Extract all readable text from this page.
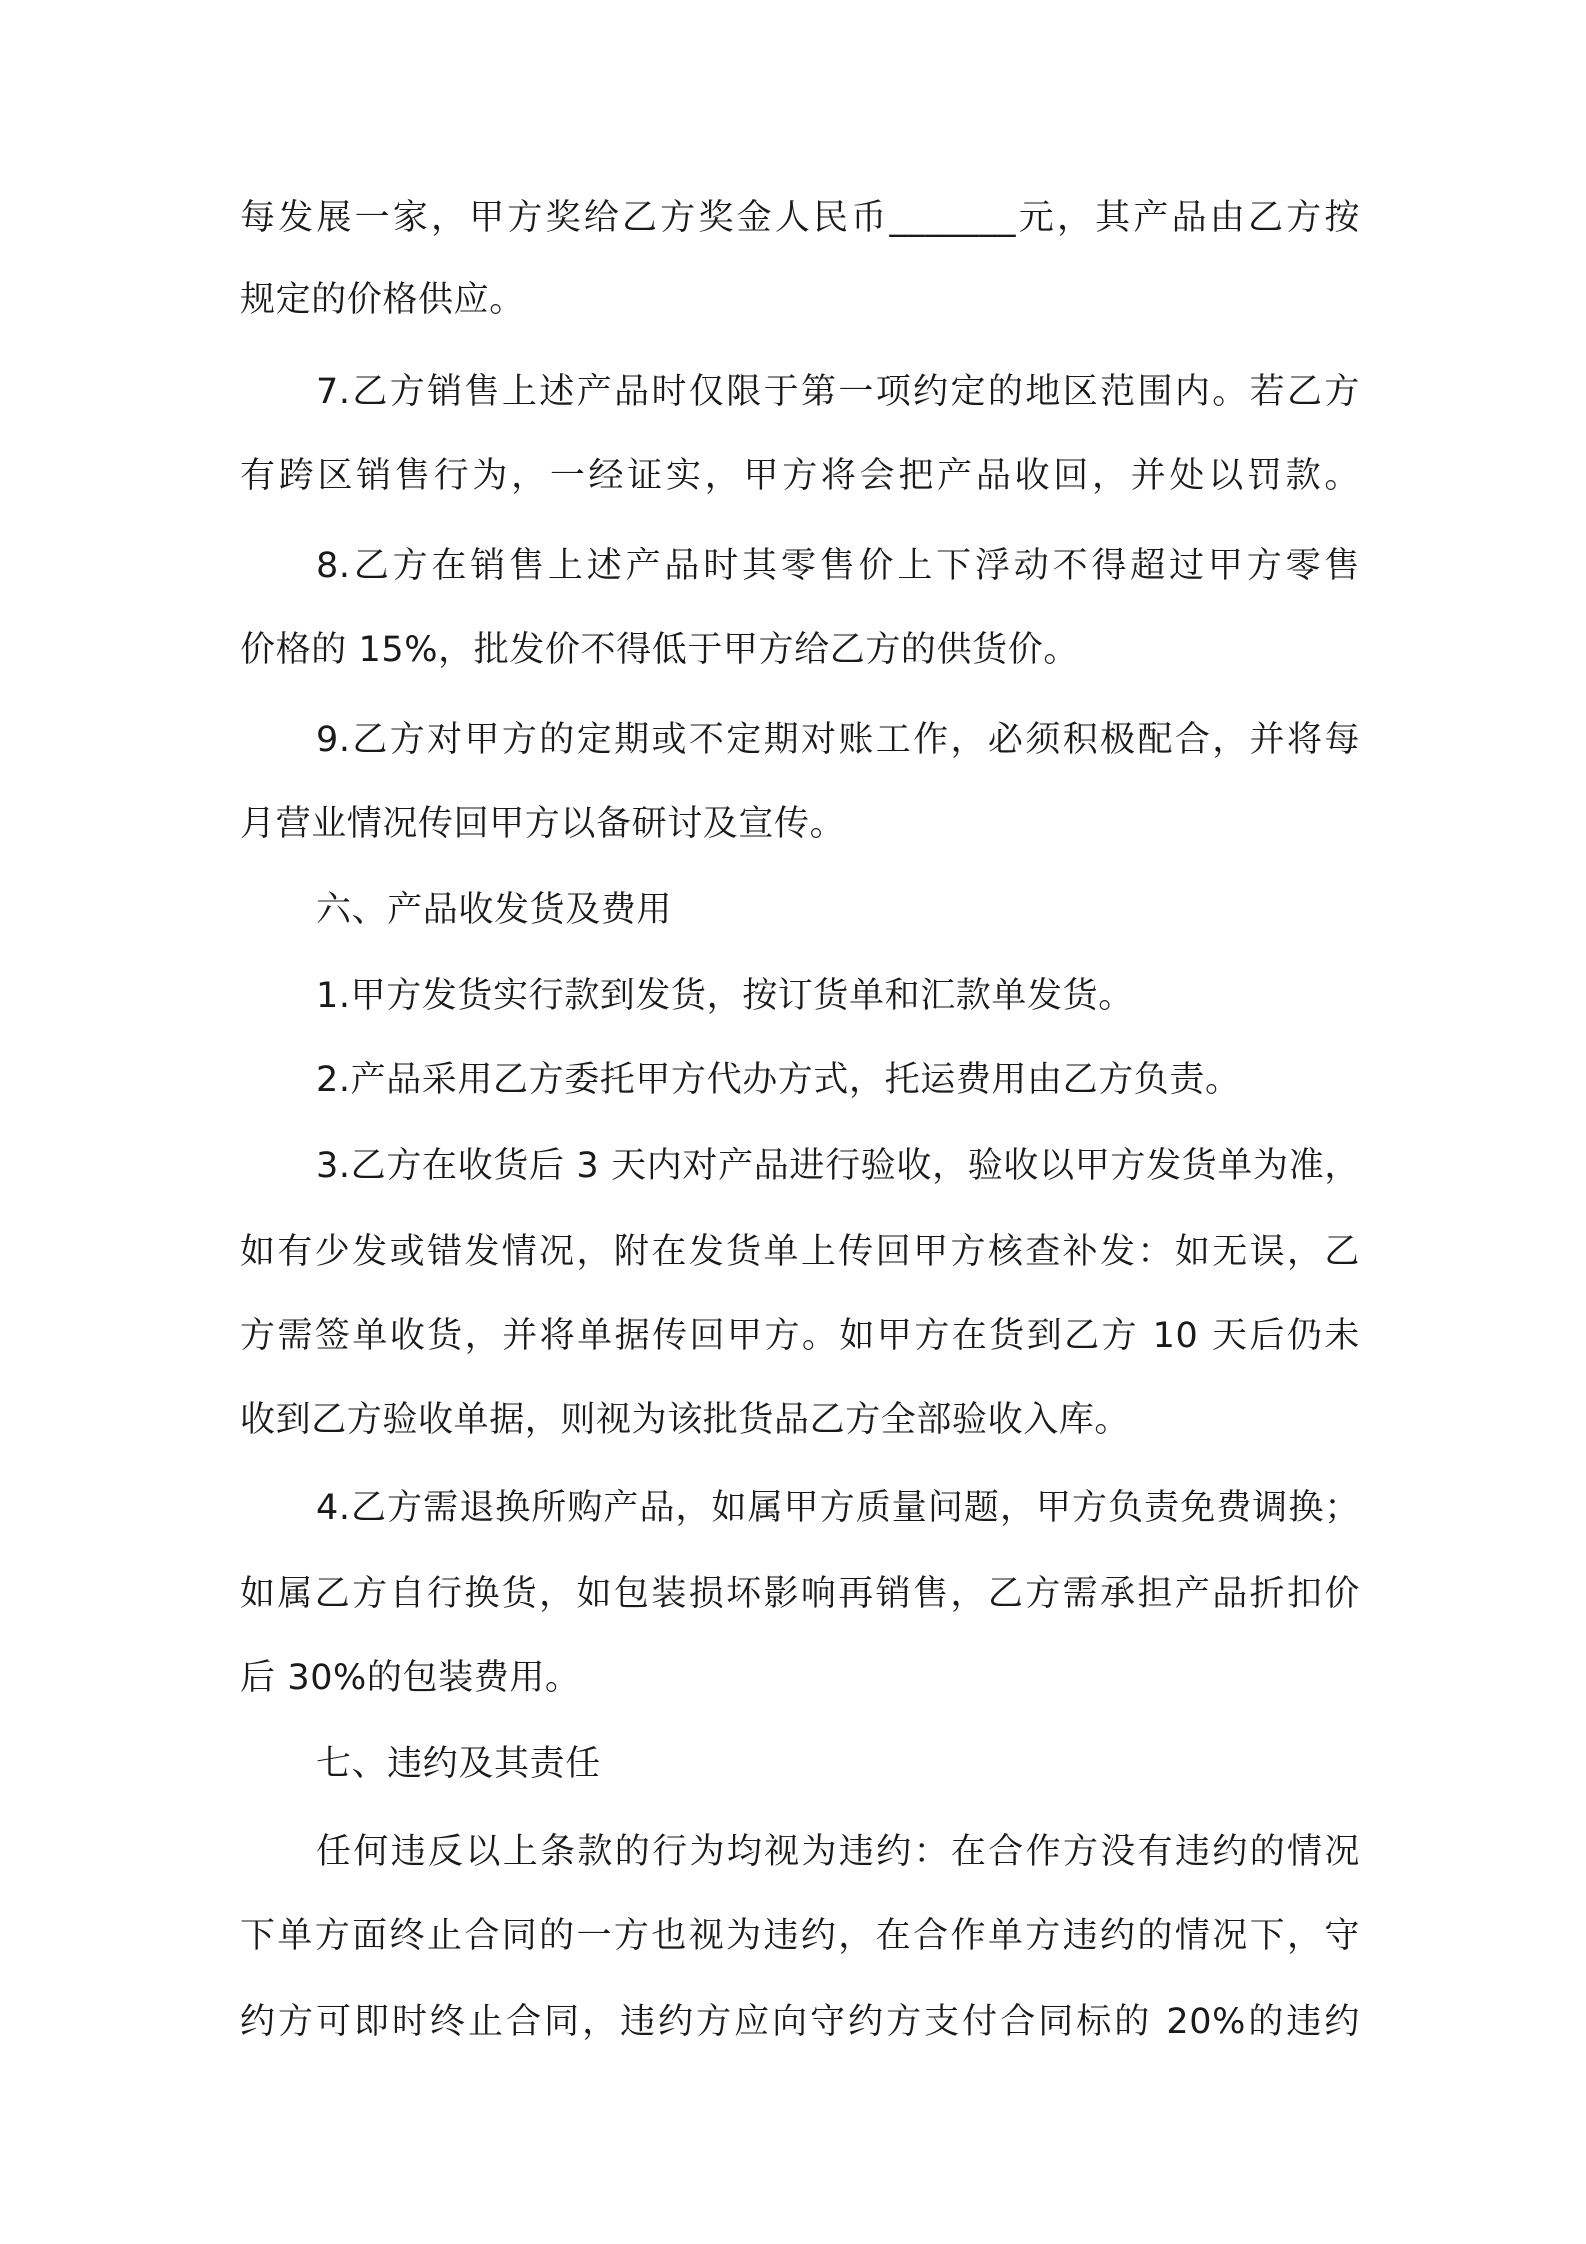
每发展一家，甲方奖给乙方奖金人民币_______元，其产品由乙方按
规定的价格供应。
7.乙方销售上述产品时仅限于第一项约定的地区范围内。若乙方
有跨区销售行为，一经证实，甲方将会把产品收回，并处以罚款。
8.乙方在销售上述产品时其零售价上下浮动不得超过甲方零售
价格的 15%，批发价不得低于甲方给乙方的供货价。
9.乙方对甲方的定期或不定期对账工作，必须积极配合，并将每
月营业情况传回甲方以备研讨及宣传。
六、产品收发货及费用
1.甲方发货实行款到发货，按订货单和汇款单发货。
2.产品采用乙方委托甲方代办方式，托运费用由乙方负责。
3.乙方在收货后 3 天内对产品进行验收，验收以甲方发货单为准，
如有少发或错发情况，附在发货单上传回甲方核查补发：如无误，乙
方需签单收货，并将单据传回甲方。如甲方在货到乙方 10 天后仍未
收到乙方验收单据，则视为该批货品乙方全部验收入库。
4.乙方需退换所购产品，如属甲方质量问题，甲方负责免费调换；
如属乙方自行换货，如包装损坏影响再销售，乙方需承担产品折扣价
后 30%的包装费用。
七、违约及其责任
任何违反以上条款的行为均视为违约：在合作方没有违约的情况
下单方面终止合同的一方也视为违约，在合作单方违约的情况下，守
约方可即时终止合同，违约方应向守约方支付合同标的 20%的违约
